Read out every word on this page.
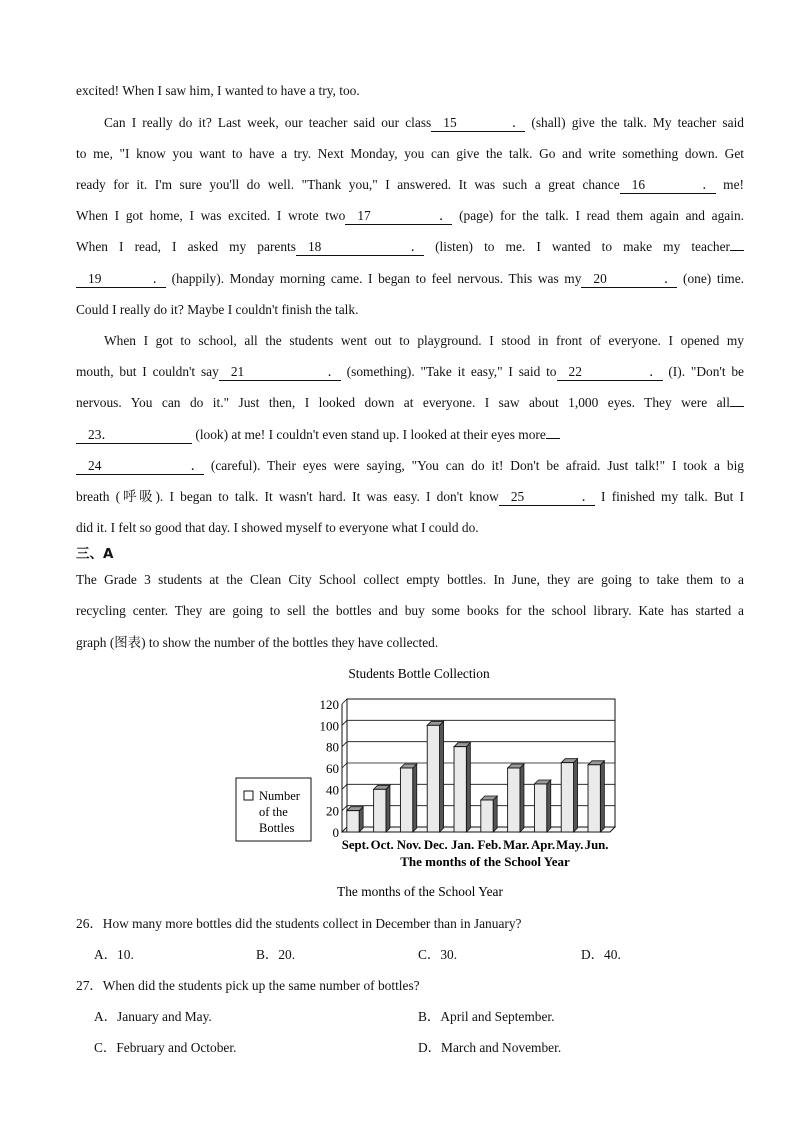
excited! When I saw him, I wanted to have a try, too.
Can I really do it? Last week, our teacher said our class 15． (shall) give the talk. My teacher said
to me, "I know you want to have a try. Next Monday, you can give the talk. Go and write something down. Get
ready for it. I'm sure you'll do well. "Thank you," I answered. It was such a great chance 16． me!
When I got home, I was excited. I wrote two 17． (page) for the talk. I read them again and again.
When I read, I asked my parents 18． (listen) to me. I wanted to make my teacher
19． (happily). Monday morning came. I began to feel nervous. This was my 20． (one) time.
Could I really do it? Maybe I couldn't finish the talk.
When I got to school, all the students went out to playground. I stood in front of everyone. I opened my
mouth, but I couldn't say 21． (something). "Take it easy," I said to 22． (I). "Don't be
nervous. You can do it." Just then, I looked down at everyone. I saw about 1,000 eyes. They were all
23．	(look) at me! I couldn't even stand up. I looked at their eyes more
24． (careful). Their eyes were saying, "You can do it! Don't be afraid. Just talk!" I took a big
breath (呼吸). I began to talk. It wasn't hard. It was easy. I don't know 25． I finished my talk. But I
did it. I felt so good that day. I showed myself to everyone what I could do.
三、A
The Grade 3 students at the Clean City School collect empty bottles. In June, they are going to take them to a
recycling center. They are going to sell the bottles and buy some books for the school library. Kate has started a
graph (图表) to show the number of the bottles they have collected.
Students Bottle Collection
Number of the Bottles	0
20
40
60
80
100
120
Sept. Oct. Nov. Dec. Jan. Feb. Mar. Apr. May. Jun.
The months of the School Year
The months of the School Year
26．How many more bottles did the students collect in December than in January?
A．10.	B．20.	C．30.	D．40.
27．When did the students pick up the same number of bottles?
A．January and May.	B．April and September.
C．February and October.	D．March and November.
